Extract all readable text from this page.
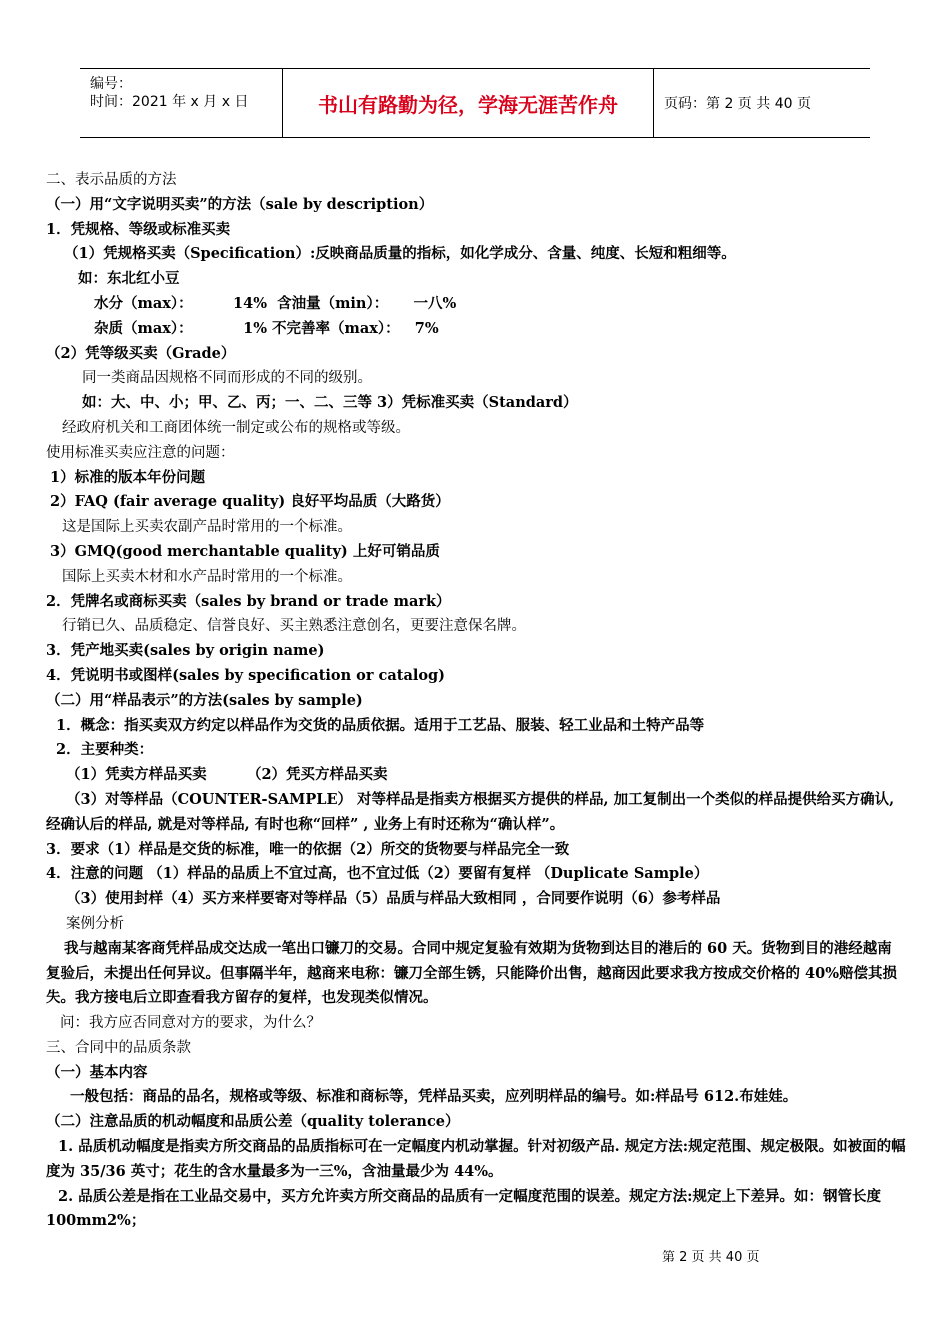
编号：
时间：2021 年 x 月 x 日	书山有路勤为径，学海无涯苦作舟	页码：第 2 页 共 40 页
二、表示品质的方法
（一）用“文字说明买卖”的方法（sale by description）
1．凭规格、等级或标准买卖
（1）凭规格买卖（Specification）:反映商品质量的指标，如化学成分、含量、纯度、长短和粗细等。
如：东北红小豆
水分（max）：        14%  含油量（min）：     一八%
杂质（max）：          1% 不完善率（max）：   7%
（2）凭等级买卖（Grade）
同一类商品因规格不同而形成的不同的级别。
如：大、中、小；甲、乙、丙；一、二、三等 3）凭标准买卖（Standard）
经政府机关和工商团体统一制定或公布的规格或等级。
使用标准买卖应注意的问题：
1）标准的版本年份问题
2）FAQ (fair average quality) 良好平均品质（大路货）
这是国际上买卖农副产品时常用的一个标准。
3）GMQ(good merchantable quality) 上好可销品质
国际上买卖木材和水产品时常用的一个标准。
2．凭牌名或商标买卖（sales by brand or trade mark）
行销已久、品质稳定、信誉良好、买主熟悉注意创名，更要注意保名牌。
3．凭产地买卖(sales by origin name)
4．凭说明书或图样(sales by specification or catalog)
（二）用“样品表示”的方法(sales by sample)
1．概念：指买卖双方约定以样品作为交货的品质依据。适用于工艺品、服装、轻工业品和土特产品等
2．主要种类：
（1）凭卖方样品买卖        （2）凭买方样品买卖
（3）对等样品（COUNTER-SAMPLE） 对等样品是指卖方根据买方提供的样品, 加工复制出一个类似的样品提供给买方确认, 经确认后的样品, 就是对等样品, 有时也称“回样” , 业务上有时还称为“确认样”。
3．要求（1）样品是交货的标准，唯一的依据（2）所交的货物要与样品完全一致
4．注意的问题 （1）样品的品质上不宜过高，也不宜过低（2）要留有复样 （Duplicate Sample）
（3）使用封样（4）买方来样要寄对等样品（5）品质与样品大致相同 ，合同要作说明（6）参考样品
案例分析
我与越南某客商凭样品成交达成一笔出口镰刀的交易。合同中规定复验有效期为货物到达目的港后的 60 天。货物到目的港经越南复验后，未提出任何异议。但事隔半年，越商来电称：镰刀全部生锈，只能降价出售，越商因此要求我方按成交价格的 40%赔偿其损失。我方接电后立即查看我方留存的复样，也发现类似情况。
问：我方应否同意对方的要求，为什么？
三、合同中的品质条款
（一）基本内容
一般包括：商品的品名，规格或等级、标准和商标等，凭样品买卖，应列明样品的编号。如:样品号 612.布娃娃。
（二）注意品质的机动幅度和品质公差（quality tolerance）
1. 品质机动幅度是指卖方所交商品的品质指标可在一定幅度内机动掌握。针对初级产品. 规定方法:规定范围、规定极限。如被面的幅度为 35/36 英寸；花生的含水量最多为一三%，含油量最少为 44%。
2. 品质公差是指在工业品交易中，买方允许卖方所交商品的品质有一定幅度范围的误差。规定方法:规定上下差异。如：钢管长度 100mm2%；
第 2 页 共 40 页
